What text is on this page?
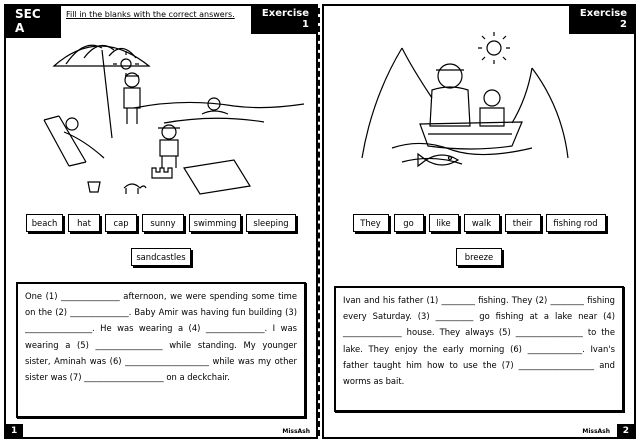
SEC A
Fill in the blanks with the correct answers.	Exercise 1
beach	hat	cap	sunny	swimming	sleeping
sandcastles
One (1) ______________ afternoon, we were spending some time on the (2) ______________. Baby Amir was having fun building (3) ________________. He was wearing a (4) ______________. I was wearing a (5) ________________ while standing. My younger sister, Aminah was (6) ____________________ while was my other sister was (7) ___________________ on a deckchair.
1	MissAsh
Exercise 2
They	go	like	walk	their	fishing rod
breeze
Ivan and his father (1) ________ fishing. They (2) ________ fishing every Saturday. (3) _________ go fishing at a lake near (4) ______________ house. They always (5) ________________ to the lake. They enjoy the early morning (6) _____________. Ivan's father taught him how to use the (7) __________________ and worms as bait.
2
MissAsh
